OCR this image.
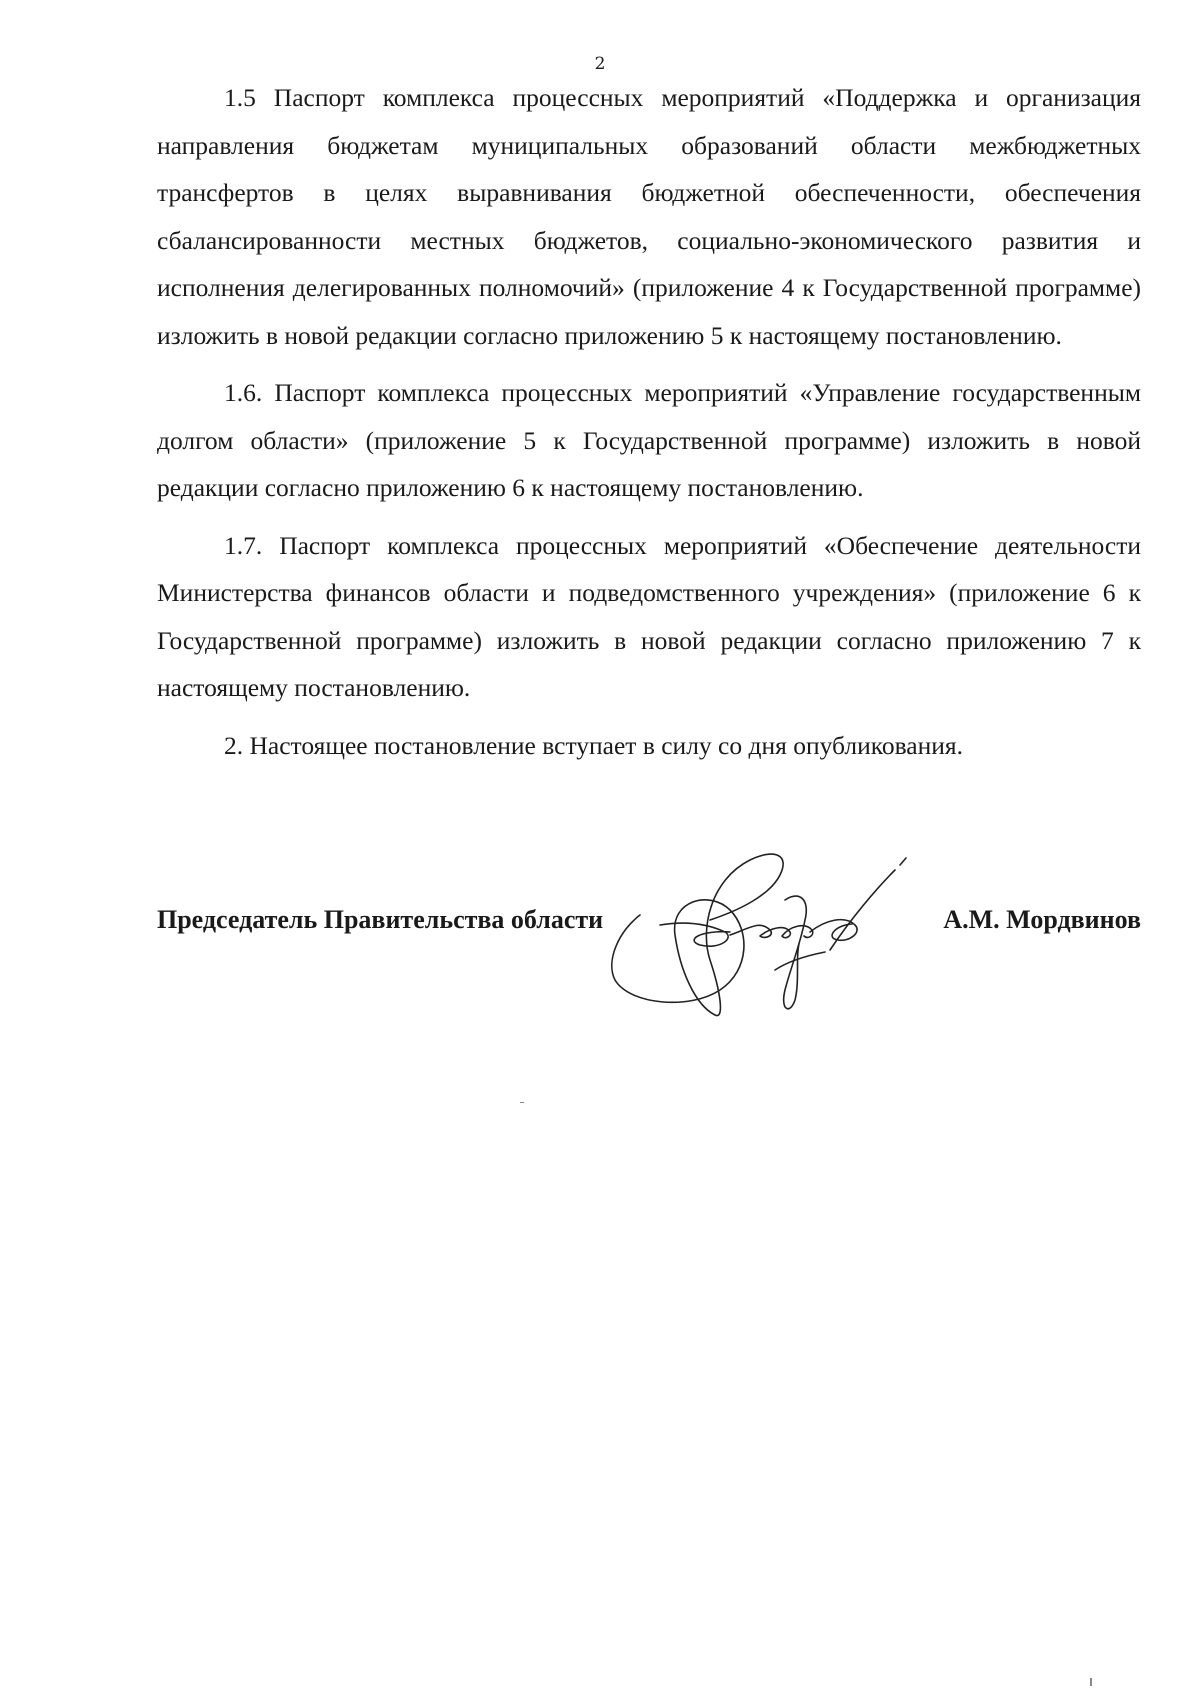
2

1.5 Паспорт комплекса процессных мероприятий «Поддержка и организация направления бюджетам муниципальных образований области межбюджетных трансфертов в целях выравнивания бюджетной обеспеченности, обеспечения сбалансированности местных бюджетов, социально-экономического развития и исполнения делегированных полномочий» (приложение 4 к Государственной программе) изложить в новой редакции согласно приложению 5 к настоящему постановлению.

1.6. Паспорт комплекса процессных мероприятий «Управление государственным долгом области» (приложение 5 к Государственной программе) изложить в новой редакции согласно приложению 6 к настоящему постановлению.

1.7. Паспорт комплекса процессных мероприятий «Обеспечение деятельности Министерства финансов области и подведомственного учреждения» (приложение 6 к Государственной программе) изложить в новой редакции согласно приложению 7 к настоящему постановлению.

2. Настоящее постановление вступает в силу со дня опубликования.

Председатель Правительства области	А.М. Мордвинов
